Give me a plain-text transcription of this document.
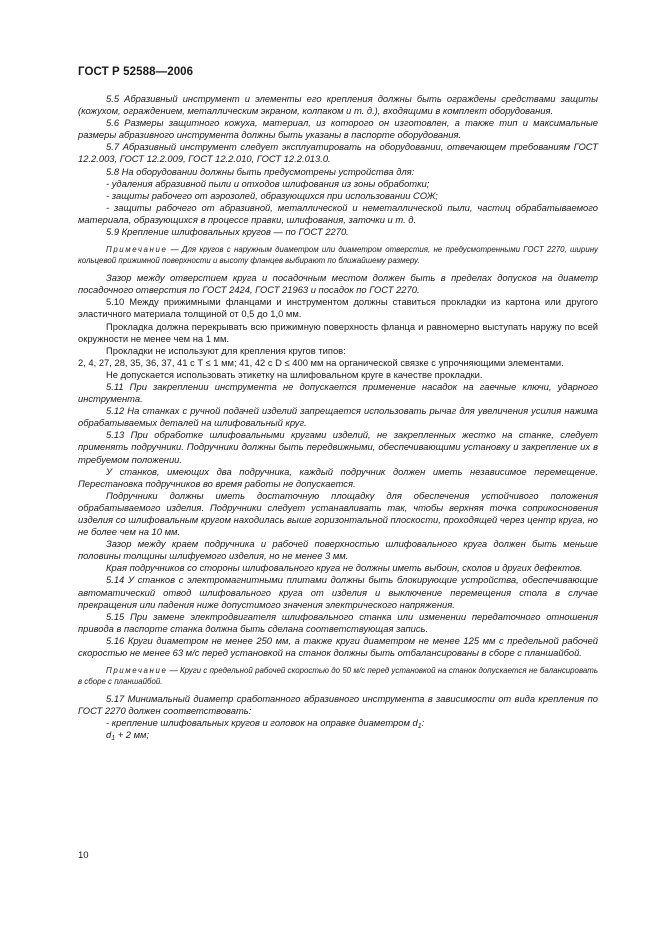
ГОСТ Р 52588—2006

5.5 Абразивный инструмент и элементы его крепления должны быть ограждены средствами защиты (кожухом, ограждением, металлическим экраном, колпаком и т. д.), входящими в комплект оборудования.

5.6 Размеры защитного кожуха, материал, из которого он изготовлен, а также тип и максимальные размеры абразивного инструмента должны быть указаны в паспорте оборудования.

5.7 Абразивный инструмент следует эксплуатировать на оборудовании, отвечающем требованиям ГОСТ 12.2.003, ГОСТ 12.2.009, ГОСТ 12.2.010, ГОСТ 12.2.013.0.

5.8 На оборудовании должны быть предусмотрены устройства для:

- удаления абразивной пыли и отходов шлифования из зоны обработки;

- защиты рабочего от аэрозолей, образующихся при использовании СОЖ;

- защиты рабочего от абразивной, металлической и неметаллической пыли, частиц обрабатываемого материала, образующихся в процессе правки, шлифования, заточки и т. д.

5.9 Крепление шлифовальных кругов — по ГОСТ 2270.

Примечание — Для кругов с наружным диаметром или диаметром отверстия, не предусмотренными ГОСТ 2270, ширину кольцевой прижимной поверхности и высоту фланцев выбирают по ближайшему размеру.

Зазор между отверстием круга и посадочным местом должен быть в пределах допусков на диаметр посадочного отверстия по ГОСТ 2424, ГОСТ 21963 и посадок по ГОСТ 2270.

5.10 Между прижимными фланцами и инструментом должны ставиться прокладки из картона или другого эластичного материала толщиной от 0,5 до 1,0 мм.

Прокладка должна перекрывать всю прижимную поверхность фланца и равномерно выступать наружу по всей окружности не менее чем на 1 мм.

Прокладки не используют для крепления кругов типов:

2, 4, 27, 28, 35, 36, 37, 41 с T ≤ 1 мм; 41, 42 с D ≤ 400 мм на органической связке с упрочняющими элементами.

Не допускается использовать этикетку на шлифовальном круге в качестве прокладки.

5.11 При закреплении инструмента не допускается применение насадок на гаечные ключи, ударного инструмента.

5.12 На станках с ручной подачей изделий запрещается использовать рычаг для увеличения усилия нажима обрабатываемых деталей на шлифовальный круг.

5.13 При обработке шлифовальными кругами изделий, не закрепленных жестко на станке, следует применять подручники. Подручники должны быть передвижными, обеспечивающими установку и закрепление их в требуемом положении.

У станков, имеющих два подручника, каждый подручник должен иметь независимое перемещение. Перестановка подручников во время работы не допускается.

Подручники должны иметь достаточную площадку для обеспечения устойчивого положения обрабатываемого изделия. Подручники следует устанавливать так, чтобы верхняя точка соприкосновения изделия со шлифовальным кругом находилась выше горизонтальной плоскости, проходящей через центр круга, но не более чем на 10 мм.

Зазор между краем подручника и рабочей поверхностью шлифовального круга должен быть меньше половины толщины шлифуемого изделия, но не менее 3 мм.

Края подручников со стороны шлифовального круга не должны иметь выбоин, сколов и других дефектов.

5.14 У станков с электромагнитными плитами должны быть блокирующие устройства, обеспечивающие автоматический отвод шлифовального круга от изделия и выключение перемещения стола в случае прекращения или падения ниже допустимого значения электрического напряжения.

5.15 При замене электродвигателя шлифовального станка или изменении передаточного отношения привода в паспорте станка должна быть сделана соответствующая запись.

5.16 Круги диаметром не менее 250 мм, а также круги диаметром не менее 125 мм с предельной рабочей скоростью не менее 63 м/с перед установкой на станок должны быть отбалансированы в сборе с планшайбой.

Примечание — Круги с предельной рабочей скоростью до 50 м/с перед установкой на станок допускается не балансировать в сборе с планшайбой.

5.17 Минимальный диаметр сработанного абразивного инструмента в зависимости от вида крепления по ГОСТ 2270 должен соответствовать:

- крепление шлифовальных кругов и головок на оправке диаметром $d_1$:

$d_1 + 2$ мм;

10
